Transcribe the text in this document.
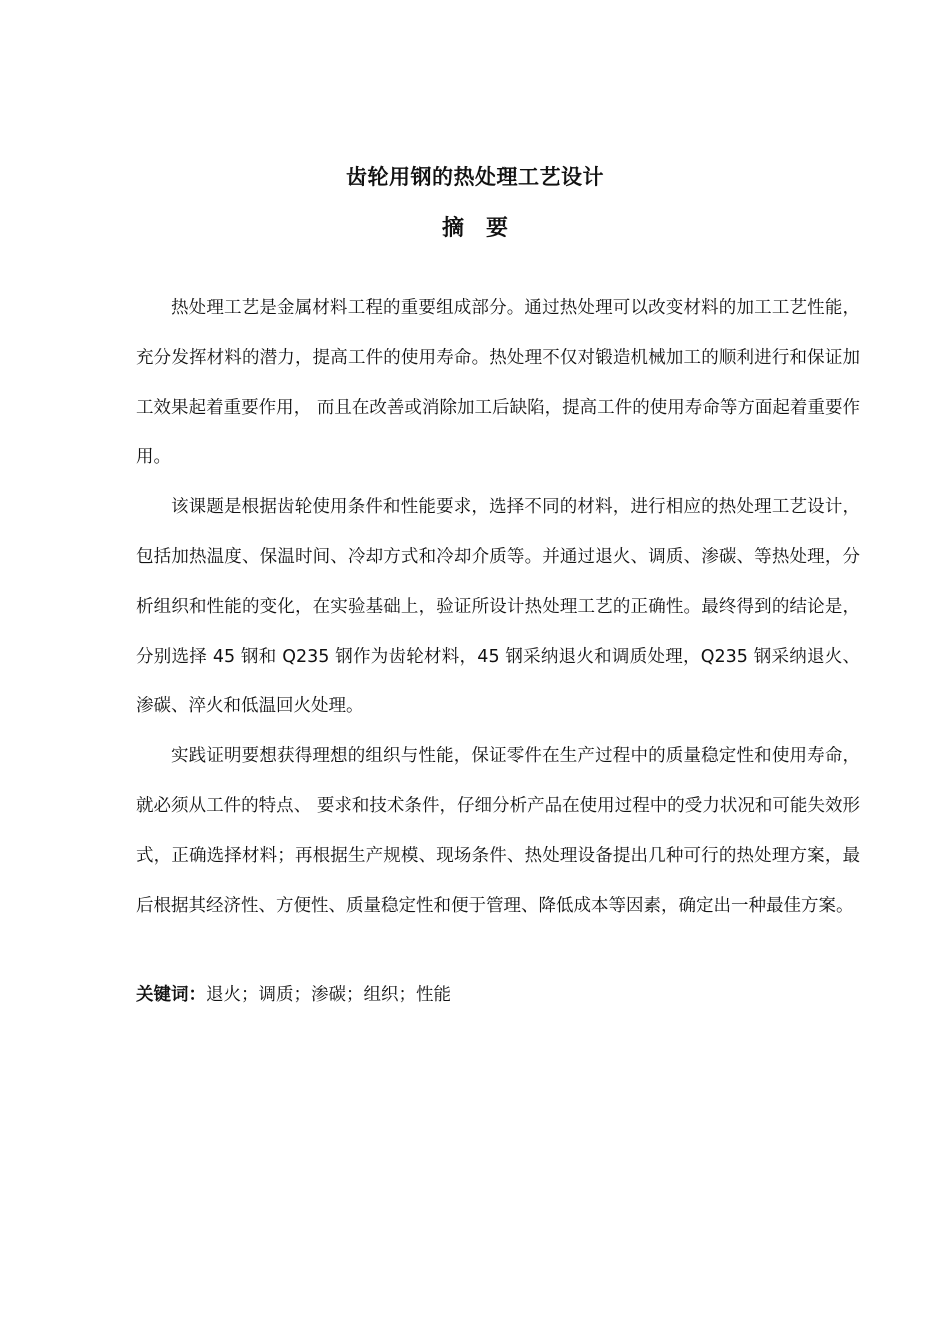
齿轮用钢的热处理工艺设计
摘　要

热处理工艺是金属材料工程的重要组成部分。通过热处理可以改变材料的加工工艺性能，充分发挥材料的潜力，提高工件的使用寿命。热处理不仅对锻造机械加工的顺利进行和保证加工效果起着重要作用， 而且在改善或消除加工后缺陷，提高工件的使用寿命等方面起着重要作用。

该课题是根据齿轮使用条件和性能要求，选择不同的材料，进行相应的热处理工艺设计，包括加热温度、保温时间、冷却方式和冷却介质等。并通过退火、调质、渗碳、等热处理，分析组织和性能的变化，在实验基础上，验证所设计热处理工艺的正确性。最终得到的结论是，分别选择 45 钢和 Q235 钢作为齿轮材料，45 钢采纳退火和调质处理，Q235 钢采纳退火、渗碳、淬火和低温回火处理。

实践证明要想获得理想的组织与性能，保证零件在生产过程中的质量稳定性和使用寿命，就必须从工件的特点、 要求和技术条件，仔细分析产品在使用过程中的受力状况和可能失效形式，正确选择材料；再根据生产规模、现场条件、热处理设备提出几种可行的热处理方案，最后根据其经济性、方便性、质量稳定性和便于管理、降低成本等因素，确定出一种最佳方案。

关键词：退火；调质；渗碳；组织；性能
